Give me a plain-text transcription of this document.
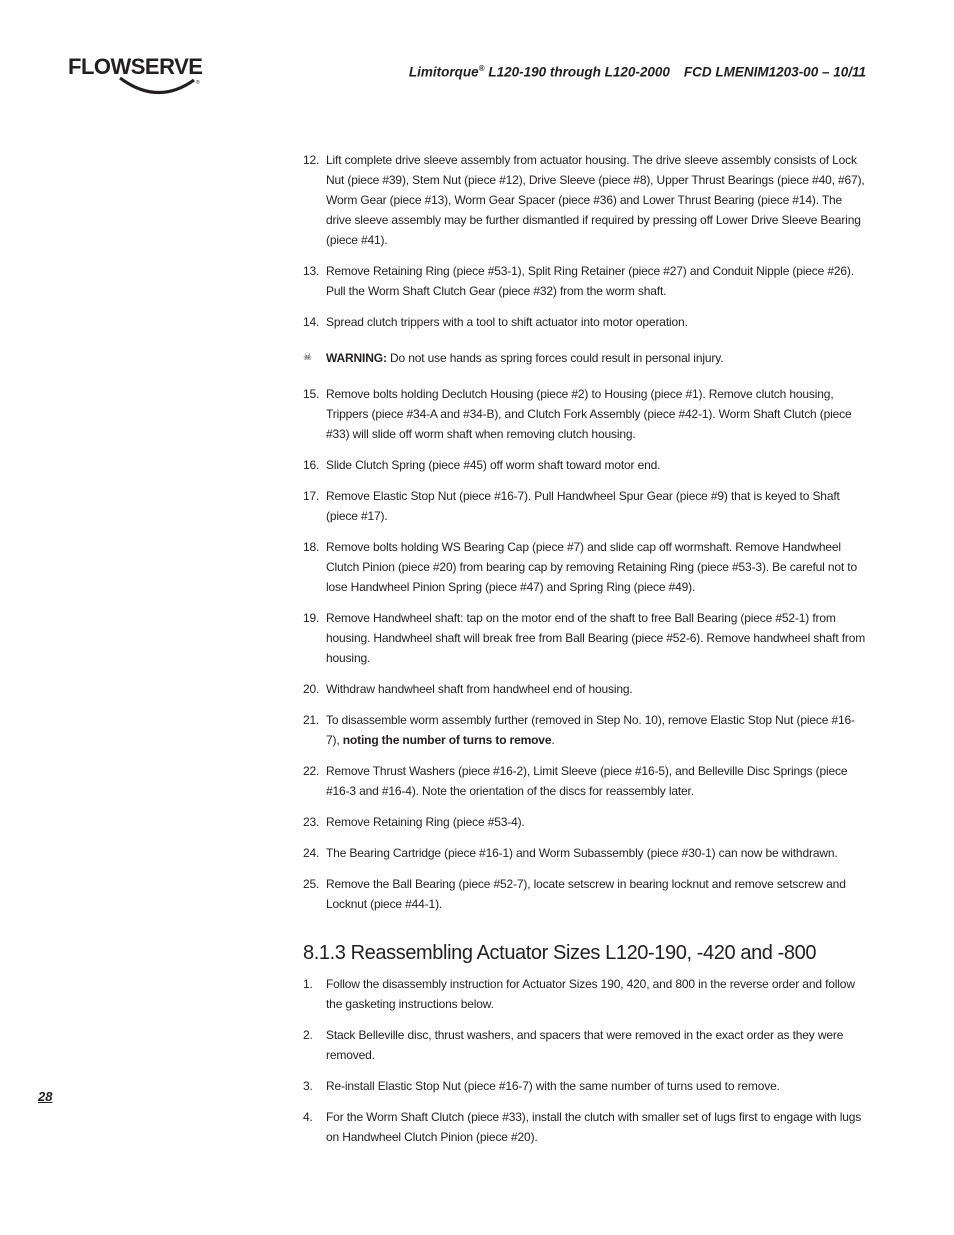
FLOWSERVE
®
Limitorque® L120-190 through L120-2000 FCD LMENIM1203-00 – 10/11
12. Lift complete drive sleeve assembly from actuator housing. The drive sleeve assembly consists of Lock Nut (piece #39), Stem Nut (piece #12), Drive Sleeve (piece #8), Upper Thrust Bearings (piece #40, #67), Worm Gear (piece #13), Worm Gear Spacer (piece #36) and Lower Thrust Bearing (piece #14). The drive sleeve assembly may be further dismantled if required by pressing off Lower Drive Sleeve Bearing (piece #41).
13. Remove Retaining Ring (piece #53-1), Split Ring Retainer (piece #27) and Conduit Nipple (piece #26). Pull the Worm Shaft Clutch Gear (piece #32) from the worm shaft.
14. Spread clutch trippers with a tool to shift actuator into motor operation.
☠	WARNING: Do not use hands as spring forces could result in personal injury.
15. Remove bolts holding Declutch Housing (piece #2) to Housing (piece #1). Remove clutch housing, Trippers (piece #34-A and #34-B), and Clutch Fork Assembly (piece #42-1). Worm Shaft Clutch (piece #33) will slide off worm shaft when removing clutch housing.
16. Slide Clutch Spring (piece #45) off worm shaft toward motor end.
17. Remove Elastic Stop Nut (piece #16-7). Pull Handwheel Spur Gear (piece #9) that is keyed to Shaft (piece #17).
18. Remove bolts holding WS Bearing Cap (piece #7) and slide cap off wormshaft. Remove Handwheel Clutch Pinion (piece #20) from bearing cap by removing Retaining Ring (piece #53-3). Be careful not to lose Handwheel Pinion Spring (piece #47) and Spring Ring (piece #49).
19. Remove Handwheel shaft: tap on the motor end of the shaft to free Ball Bearing (piece #52-1) from housing. Handwheel shaft will break free from Ball Bearing (piece #52-6). Remove handwheel shaft from housing.
20. Withdraw handwheel shaft from handwheel end of housing.
21. To disassemble worm assembly further (removed in Step No. 10), remove Elastic Stop Nut (piece #16-7), noting the number of turns to remove.
22. Remove Thrust Washers (piece #16-2), Limit Sleeve (piece #16-5), and Belleville Disc Springs (piece #16-3 and #16-4). Note the orientation of the discs for reassembly later.
23. Remove Retaining Ring (piece #53-4).
24. The Bearing Cartridge (piece #16-1) and Worm Subassembly (piece #30-1) can now be withdrawn.
25. Remove the Ball Bearing (piece #52-7), locate setscrew in bearing locknut and remove setscrew and Locknut (piece #44-1).
8.1.3 Reassembling Actuator Sizes L120-190, -420 and -800
1.	Follow the disassembly instruction for Actuator Sizes 190, 420, and 800 in the reverse order and follow the gasketing instructions below.
2.	Stack Belleville disc, thrust washers, and spacers that were removed in the exact order as they were removed.
3.	Re-install Elastic Stop Nut (piece #16-7) with the same number of turns used to remove.
4.	For the Worm Shaft Clutch (piece #33), install the clutch with smaller set of lugs first to engage with lugs on Handwheel Clutch Pinion (piece #20).
28
